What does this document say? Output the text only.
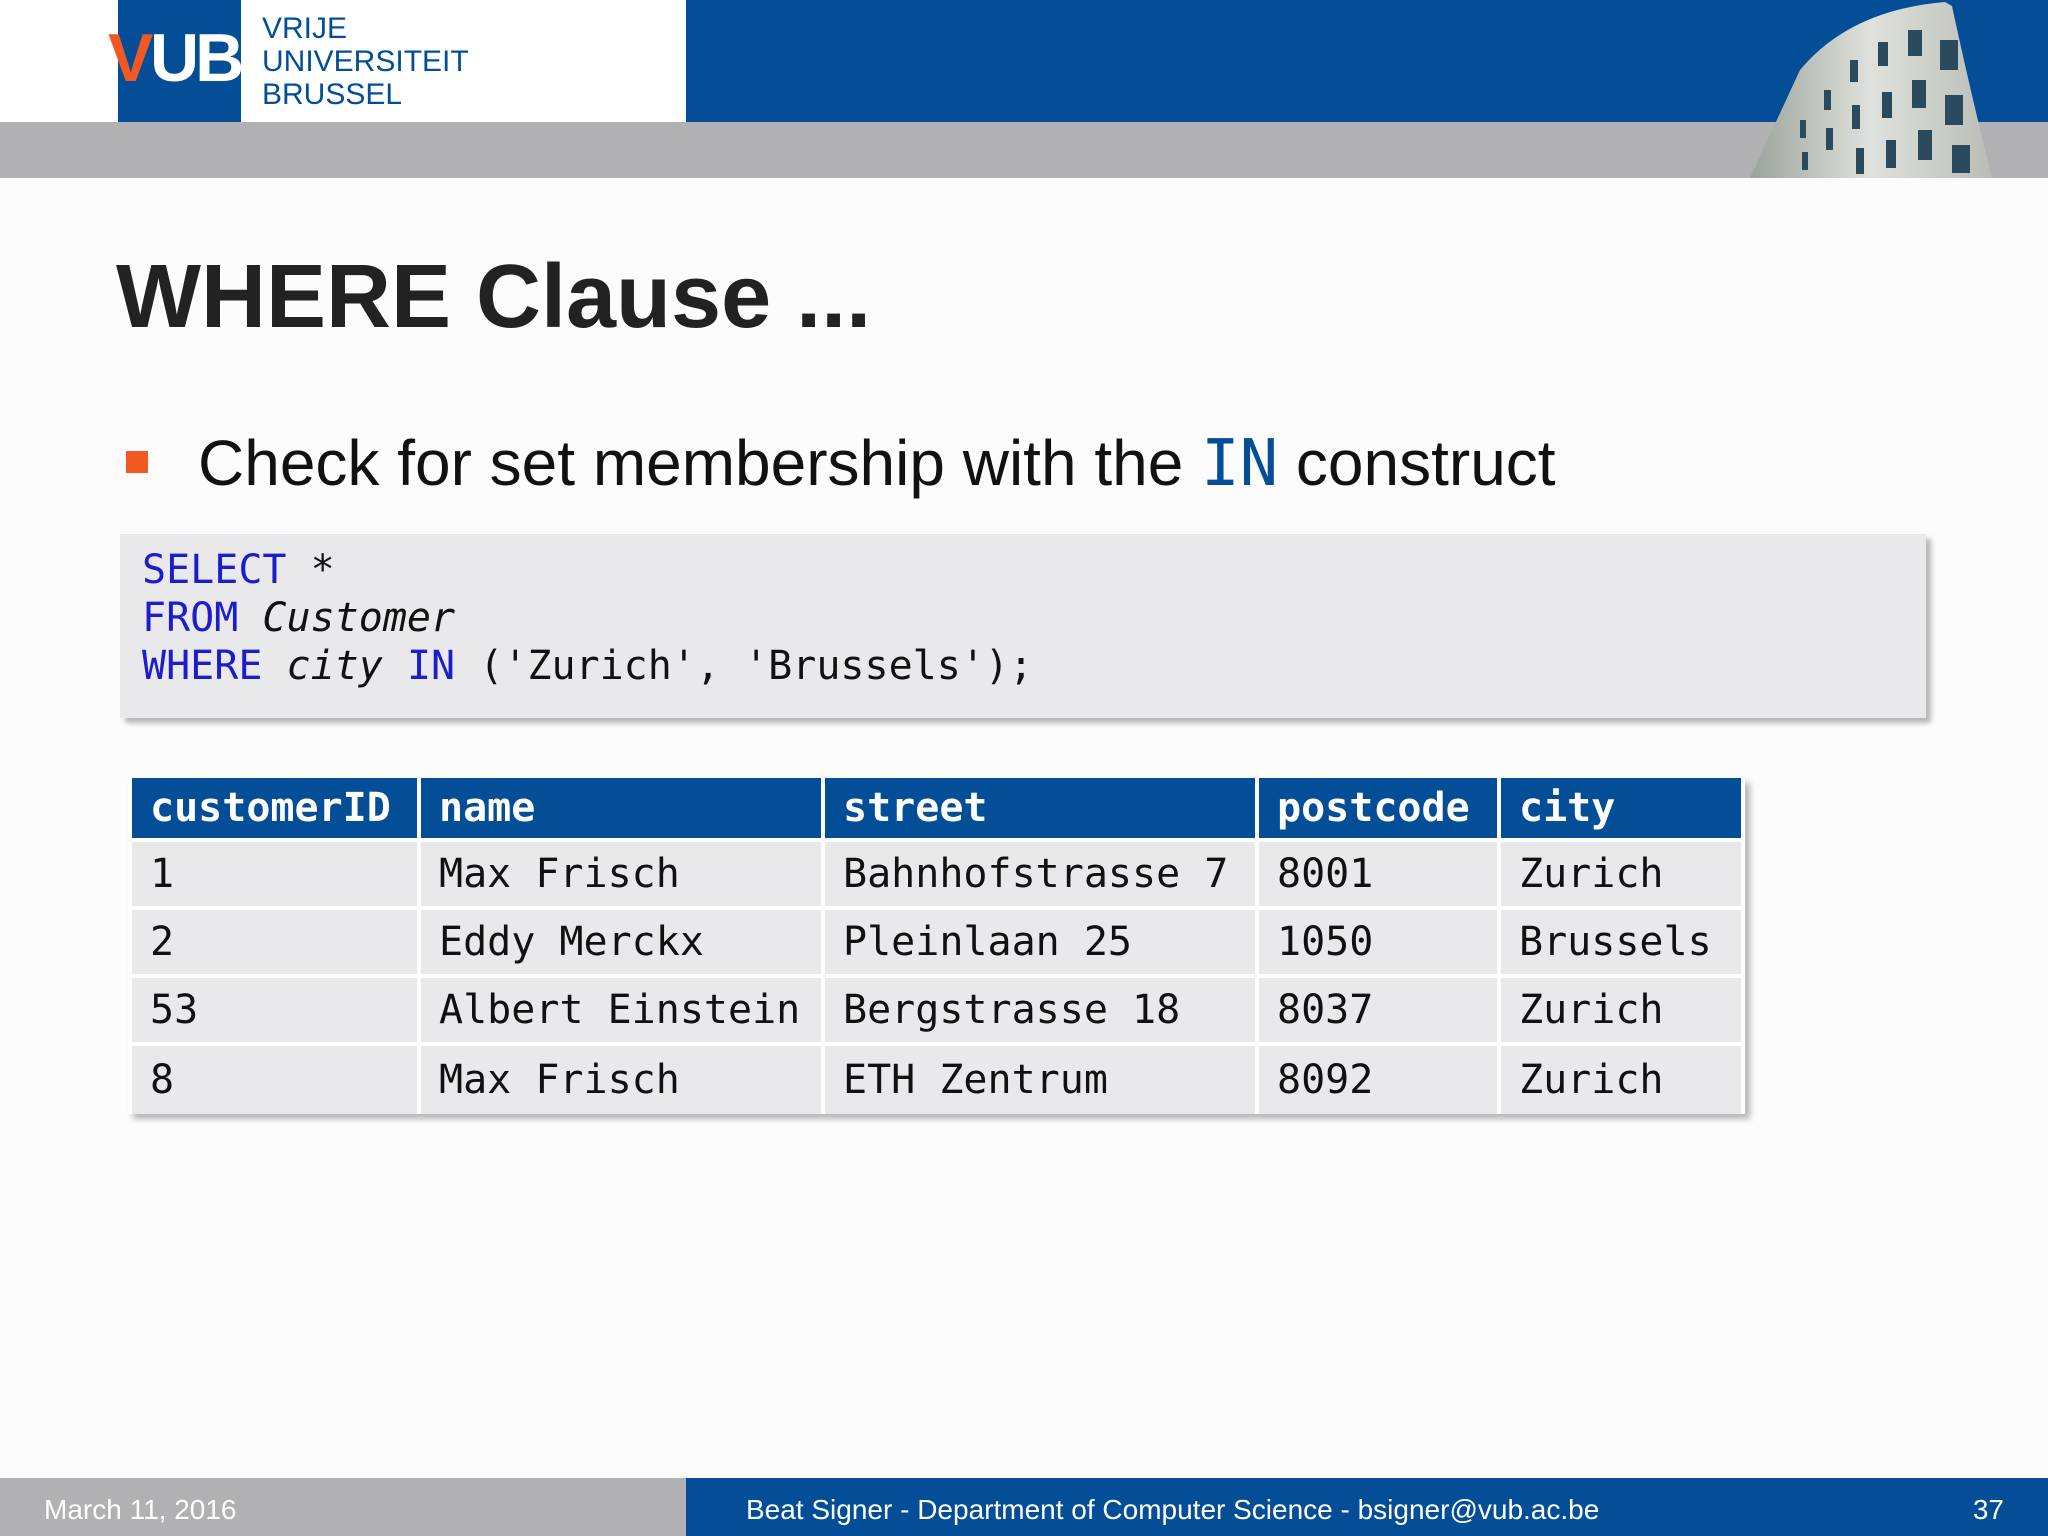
V UB VRIJE
UNIVERSITEIT
BRUSSEL
WHERE Clause ...
Check for set membership with the IN construct
SELECT *
FROM Customer
WHERE city IN ('Zurich', 'Brussels');
customerID	name	street	postcode	city
1	Max Frisch	Bahnhofstrasse 7	8001	Zurich
2	Eddy Merckx	Pleinlaan 25	1050	Brussels
53	Albert Einstein	Bergstrasse 18	8037	Zurich
8	Max Frisch	ETH Zentrum	8092	Zurich
March 11, 2016	Beat Signer - Department of Computer Science - bsigner@vub.ac.be	37
